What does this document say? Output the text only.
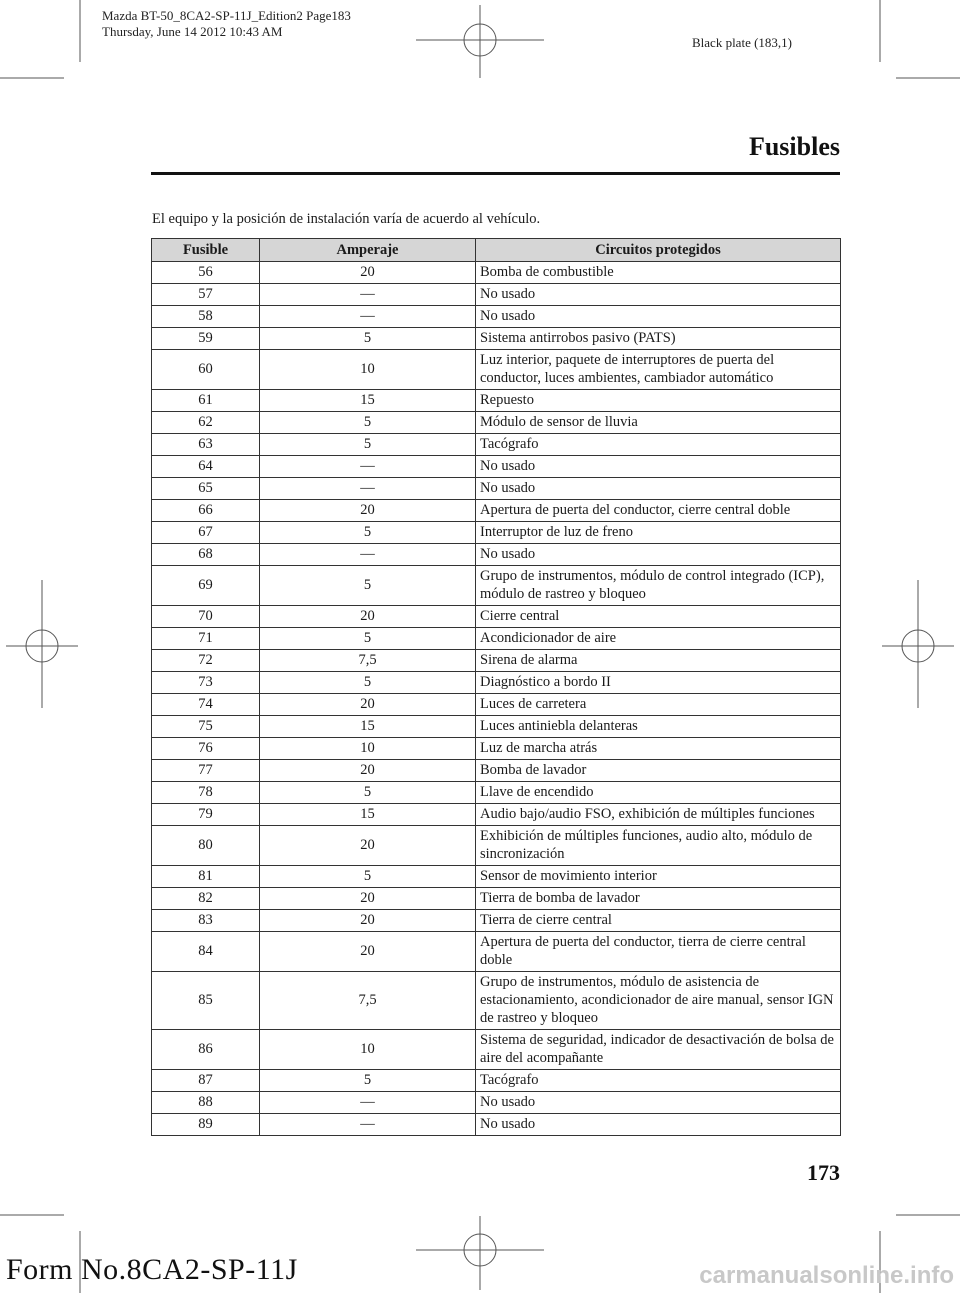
Mazda BT-50_8CA2-SP-11J_Edition2 Page183
Thursday, June 14 2012 10:43 AM
Black plate (183,1)
Fusibles
El equipo y la posición de instalación varía de acuerdo al vehículo.
Fusible	Amperaje	Circuitos protegidos
56	20	Bomba de combustible
57	―	No usado
58	―	No usado
59	5	Sistema antirrobos pasivo (PATS)
60	10	Luz interior, paquete de interruptores de puerta del conductor, luces ambientes, cambiador automático
61	15	Repuesto
62	5	Módulo de sensor de lluvia
63	5	Tacógrafo
64	―	No usado
65	―	No usado
66	20	Apertura de puerta del conductor, cierre central doble
67	5	Interruptor de luz de freno
68	―	No usado
69	5	Grupo de instrumentos, módulo de control integrado (ICP), módulo de rastreo y bloqueo
70	20	Cierre central
71	5	Acondicionador de aire
72	7,5	Sirena de alarma
73	5	Diagnóstico a bordo II
74	20	Luces de carretera
75	15	Luces antiniebla delanteras
76	10	Luz de marcha atrás
77	20	Bomba de lavador
78	5	Llave de encendido
79	15	Audio bajo/audio FSO, exhibición de múltiples funciones
80	20	Exhibición de múltiples funciones, audio alto, módulo de sincronización
81	5	Sensor de movimiento interior
82	20	Tierra de bomba de lavador
83	20	Tierra de cierre central
84	20	Apertura de puerta del conductor, tierra de cierre central doble
85	7,5	Grupo de instrumentos, módulo de asistencia de estacionamiento, acondicionador de aire manual, sensor IGN de rastreo y bloqueo
86	10	Sistema de seguridad, indicador de desactivación de bolsa de aire del acompañante
87	5	Tacógrafo
88	―	No usado
89	―	No usado
173
Form No.8CA2-SP-11J	carmanualsonline.info
